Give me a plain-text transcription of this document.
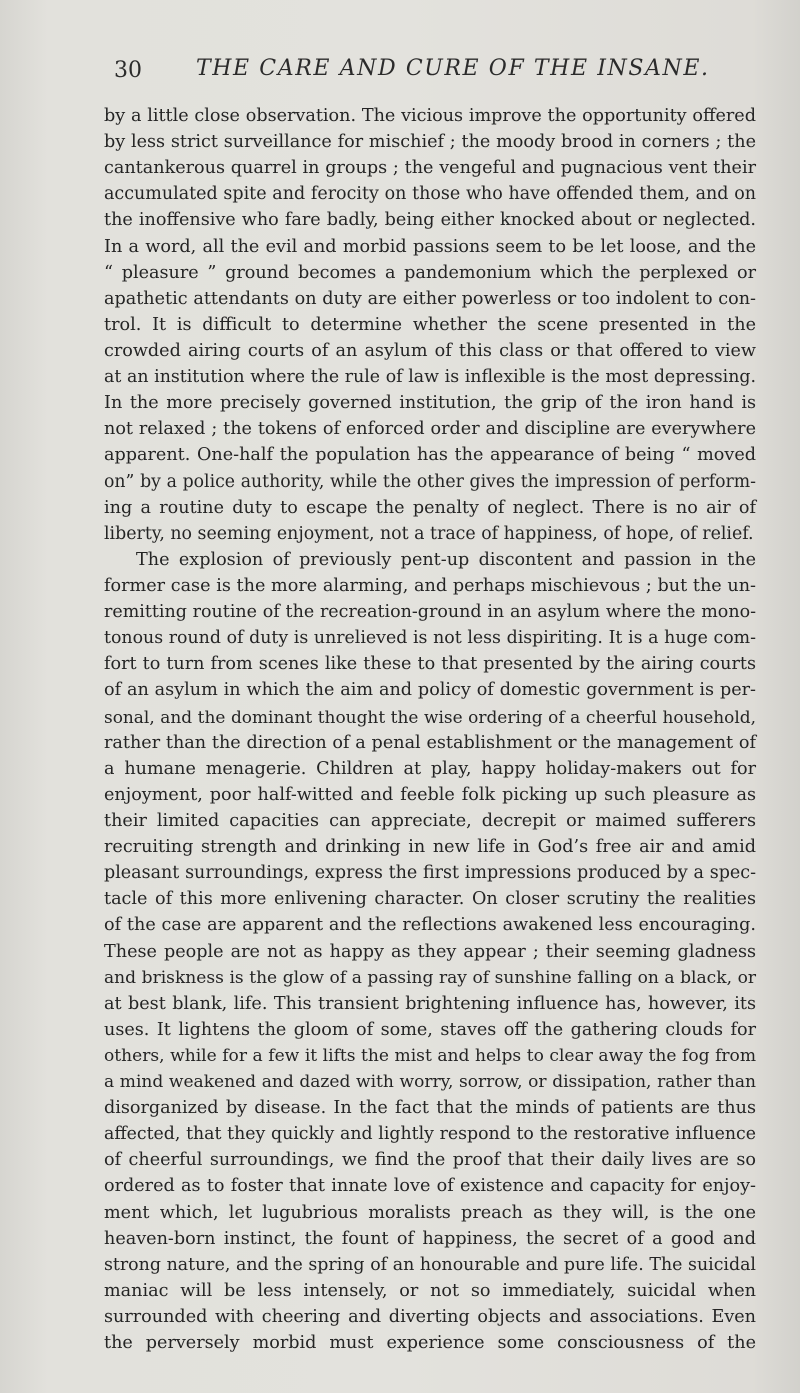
30 THE CARE AND CURE OF THE INSANE.
by a little close observation. The vicious improve the opportunity offered
by less strict surveillance for mischief ; the moody brood in corners ; the
cantankerous quarrel in groups ; the vengeful and pugnacious vent their
accumulated spite and ferocity on those who have offended them, and on
the inoffensive who fare badly, being either knocked about or neglected.
In a word, all the evil and morbid passions seem to be let loose, and the
“ pleasure ” ground becomes a pandemonium which the perplexed or
apathetic attendants on duty are either powerless or too indolent to con-
trol. It is difficult to determine whether the scene presented in the
crowded airing courts of an asylum of this class or that offered to view
at an institution where the rule of law is inflexible is the most depressing.
In the more precisely governed institution, the grip of the iron hand is
not relaxed ; the tokens of enforced order and discipline are everywhere
apparent. One-half the population has the appearance of being “ moved
on” by a police authority, while the other gives the impression of perform-
ing a routine duty to escape the penalty of neglect. There is no air of
liberty, no seeming enjoyment, not a trace of happiness, of hope, of relief.
The explosion of previously pent-up discontent and passion in the
former case is the more alarming, and perhaps mischievous ; but the un-
remitting routine of the recreation-ground in an asylum where the mono-
tonous round of duty is unrelieved is not less dispiriting. It is a huge com-
fort to turn from scenes like these to that presented by the airing courts
of an asylum in which the aim and policy of domestic government is per-
sonal, and the dominant thought the wise ordering of a cheerful household,
rather than the direction of a penal establishment or the management of
a humane menagerie. Children at play, happy holiday-makers out for
enjoyment, poor half-witted and feeble folk picking up such pleasure as
their limited capacities can appreciate, decrepit or maimed sufferers
recruiting strength and drinking in new life in God’s free air and amid
pleasant surroundings, express the first impressions produced by a spec-
tacle of this more enlivening character. On closer scrutiny the realities
of the case are apparent and the reflections awakened less encouraging.
These people are not as happy as they appear ; their seeming gladness
and briskness is the glow of a passing ray of sunshine falling on a black, or
at best blank, life. This transient brightening influence has, however, its
uses. It lightens the gloom of some, staves off the gathering clouds for
others, while for a few it lifts the mist and helps to clear away the fog from
a mind weakened and dazed with worry, sorrow, or dissipation, rather than
disorganized by disease. In the fact that the minds of patients are thus
affected, that they quickly and lightly respond to the restorative influence
of cheerful surroundings, we find the proof that their daily lives are so
ordered as to foster that innate love of existence and capacity for enjoy-
ment which, let lugubrious moralists preach as they will, is the one
heaven-born instinct, the fount of happiness, the secret of a good and
strong nature, and the spring of an honourable and pure life. The suicidal
maniac will be less intensely, or not so immediately, suicidal when
surrounded with cheering and diverting objects and associations. Even
the perversely morbid must experience some consciousness of the
